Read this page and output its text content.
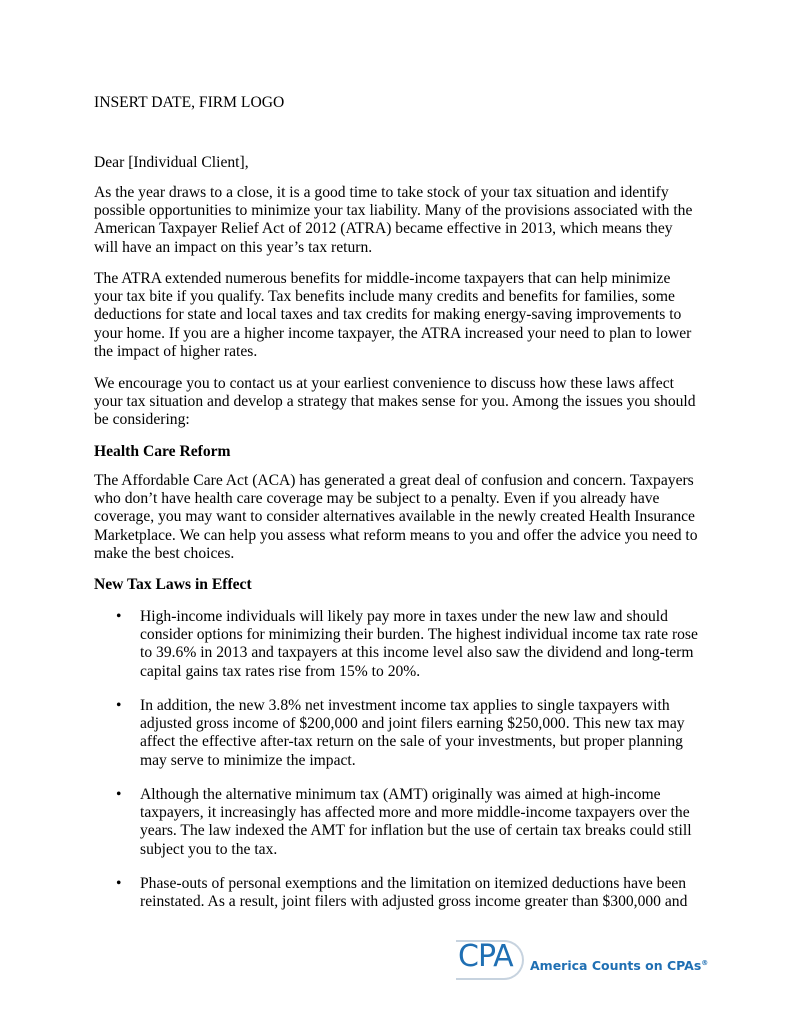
INSERT DATE, FIRM LOGO

Dear [Individual Client],

As the year draws to a close, it is a good time to take stock of your tax situation and identify possible opportunities to minimize your tax liability. Many of the provisions associated with the American Taxpayer Relief Act of 2012 (ATRA) became effective in 2013, which means they will have an impact on this year’s tax return.

The ATRA extended numerous benefits for middle-income taxpayers that can help minimize your tax bite if you qualify. Tax benefits include many credits and benefits for families, some deductions for state and local taxes and tax credits for making energy-saving improvements to your home. If you are a higher income taxpayer, the ATRA increased your need to plan to lower the impact of higher rates.

We encourage you to contact us at your earliest convenience to discuss how these laws affect your tax situation and develop a strategy that makes sense for you. Among the issues you should be considering:

Health Care Reform

The Affordable Care Act (ACA) has generated a great deal of confusion and concern. Taxpayers who don’t have health care coverage may be subject to a penalty. Even if you already have coverage, you may want to consider alternatives available in the newly created Health Insurance Marketplace. We can help you assess what reform means to you and offer the advice you need to make the best choices.

New Tax Laws in Effect
• High-income individuals will likely pay more in taxes under the new law and should consider options for minimizing their burden. The highest individual income tax rate rose to 39.6% in 2013 and taxpayers at this income level also saw the dividend and long-term capital gains tax rates rise from 15% to 20%.
• In addition, the new 3.8% net investment income tax applies to single taxpayers with adjusted gross income of $200,000 and joint filers earning $250,000. This new tax may affect the effective after-tax return on the sale of your investments, but proper planning may serve to minimize the impact.
• Although the alternative minimum tax (AMT) originally was aimed at high-income taxpayers, it increasingly has affected more and more middle-income taxpayers over the years. The law indexed the AMT for inflation but the use of certain tax breaks could still subject you to the tax.
• Phase-outs of personal exemptions and the limitation on itemized deductions have been reinstated. As a result, joint filers with adjusted gross income greater than $300,000 and
CPA America Counts on CPAs®
